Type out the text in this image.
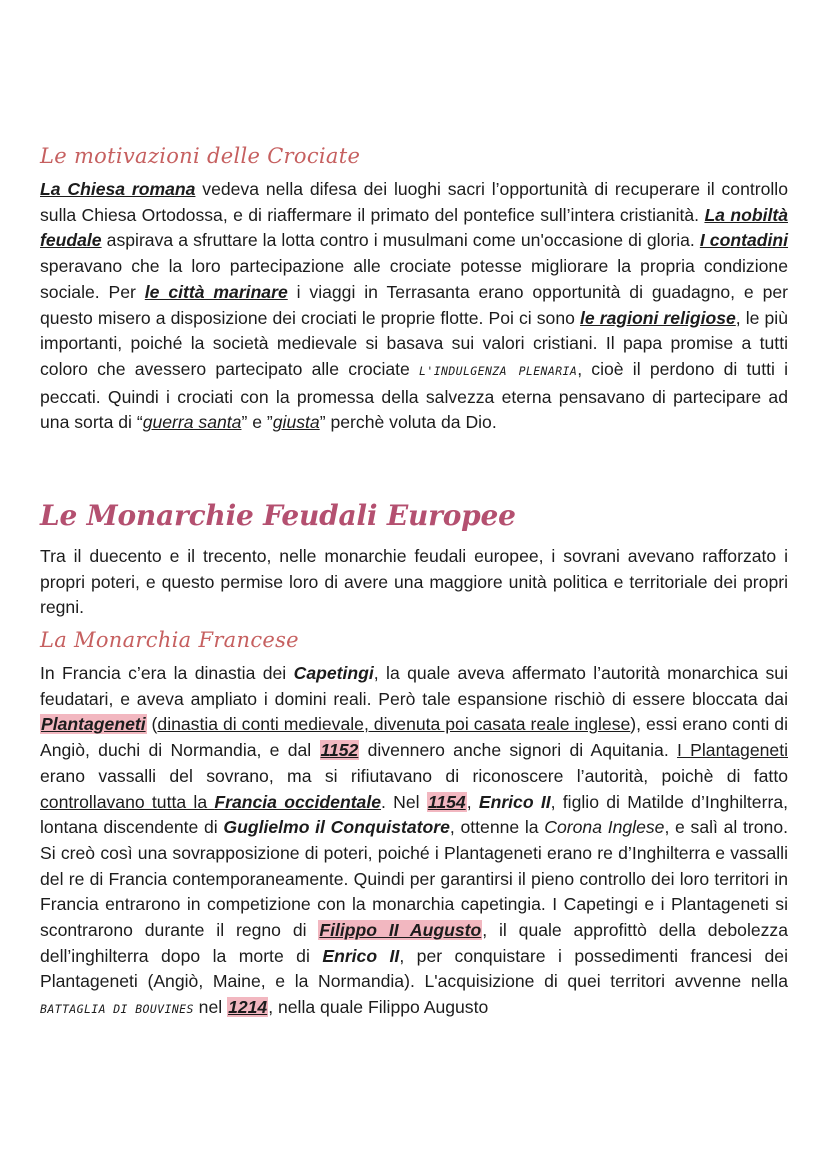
Le motivazioni delle Crociate
La Chiesa romana vedeva nella difesa dei luoghi sacri l’opportunità di recuperare il controllo sulla Chiesa Ortodossa, e di riaffermare il primato del pontefice sull’intera cristianità. La nobiltà feudale aspirava a sfruttare la lotta contro i musulmani come un'occasione di gloria. I contadini speravano che la loro partecipazione alle crociate potesse migliorare la propria condizione sociale. Per le città marinare i viaggi in Terrasanta erano opportunità di guadagno, e per questo misero a disposizione dei crociati le proprie flotte. Poi ci sono le ragioni religiose, le più importanti, poiché la società medievale si basava sui valori cristiani. Il papa promise a tutti coloro che avessero partecipato alle crociate L'INDULGENZA PLENARIA, cioè il perdono di tutti i peccati. Quindi i crociati con la promessa della salvezza eterna pensavano di partecipare ad una sorta di “guerra santa” e ”giusta” perchè voluta da Dio.
Le Monarchie Feudali Europee
Tra il duecento e il trecento, nelle monarchie feudali europee, i sovrani avevano rafforzato i propri poteri, e questo permise loro di avere una maggiore unità politica e territoriale dei propri regni.
La Monarchia Francese
In Francia c’era la dinastia dei Capetingi, la quale aveva affermato l’autorità monarchica sui feudatari, e aveva ampliato i domini reali. Però tale espansione rischiò di essere bloccata dai Plantageneti (dinastia di conti medievale, divenuta poi casata reale inglese), essi erano conti di Angiò, duchi di Normandia, e dal 1152 divennero anche signori di Aquitania. I Plantageneti erano vassalli del sovrano, ma si rifiutavano di riconoscere l’autorità, poichè di fatto controllavano tutta la Francia occidentale. Nel 1154, Enrico II, figlio di Matilde d’Inghilterra, lontana discendente di Guglielmo il Conquistatore, ottenne la Corona Inglese, e salì al trono. Si creò così una sovrapposizione di poteri, poiché i Plantageneti erano re d’Inghilterra e vassalli del re di Francia contemporaneamente. Quindi per garantirsi il pieno controllo dei loro territori in Francia entrarono in competizione con la monarchia capetingia. I Capetingi e i Plantageneti si scontrarono durante il regno di Filippo II Augusto, il quale approfittò della debolezza dell’inghilterra dopo la morte di Enrico II, per conquistare i possedimenti francesi dei Plantageneti (Angiò, Maine, e la Normandia). L'acquisizione di quei territori avvenne nella BATTAGLIA DI BOUVINES nel 1214, nella quale Filippo Augusto
